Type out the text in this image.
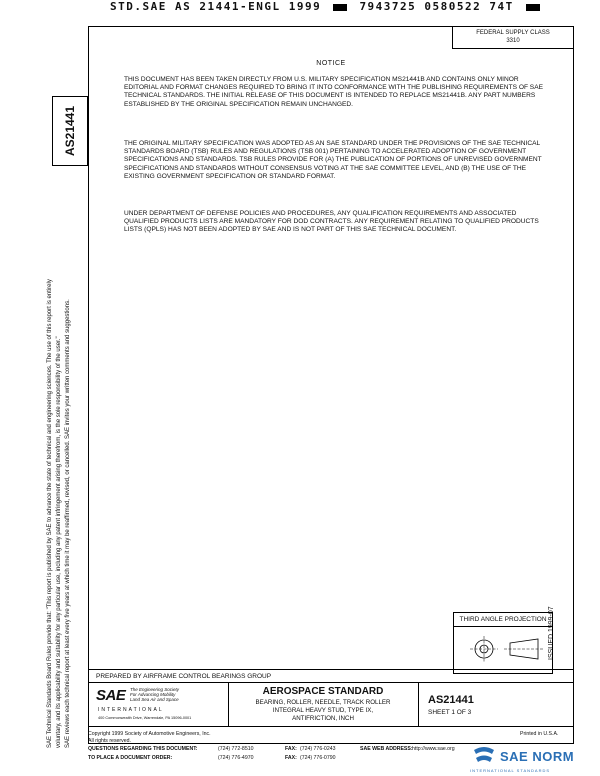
STD.SAE AS 21441-ENGL 1999	7943725 0580522 74T
FEDERAL SUPPLY CLASS
3310
AS21441
NOTICE
THIS DOCUMENT HAS BEEN TAKEN DIRECTLY FROM U.S. MILITARY SPECIFICATION MS21441B AND CONTAINS ONLY MINOR EDITORIAL AND FORMAT CHANGES REQUIRED TO BRING IT INTO CONFORMANCE WITH THE PUBLISHING REQUIREMENTS OF SAE TECHNICAL STANDARDS. THE INITIAL RELEASE OF THIS DOCUMENT IS INTENDED TO REPLACE MS21441B. ANY PART NUMBERS ESTABLISHED BY THE ORIGINAL SPECIFICATION REMAIN UNCHANGED.
THE ORIGINAL MILITARY SPECIFICATION WAS ADOPTED AS AN SAE STANDARD UNDER THE PROVISIONS OF THE SAE TECHNICAL STANDARDS BOARD (TSB) RULES AND REGULATIONS (TSB 001) PERTAINING TO ACCELERATED ADOPTION OF GOVERNMENT SPECIFICATIONS AND STANDARDS. TSB RULES PROVIDE FOR (A) THE PUBLICATION OF PORTIONS OF UNREVISED GOVERNMENT SPECIFICATIONS AND STANDARDS WITHOUT CONSENSUS VOTING AT THE SAE COMMITTEE LEVEL, AND (B) THE USE OF THE EXISTING GOVERNMENT SPECIFICATION OR STANDARD FORMAT.
UNDER DEPARTMENT OF DEFENSE POLICIES AND PROCEDURES, ANY QUALIFICATION REQUIREMENTS AND ASSOCIATED QUALIFIED PRODUCTS LISTS ARE MANDATORY FOR DOD CONTRACTS. ANY REQUIREMENT RELATING TO QUALIFIED PRODUCTS LISTS (QPLS) HAS NOT BEEN ADOPTED BY SAE AND IS NOT PART OF THIS SAE TECHNICAL DOCUMENT.
SAE Technical Standards Board Rules provide that: "This report is published by SAE to advance the state of technical and engineering sciences. The use of this report is entirely voluntary, and its applicability and suitability for any particular use, including any patent infringement arising therefrom, is the sole responsibility of the user." SAE reviews each technical report at least every five years at which time it may be reaffirmed, revised, or cancelled. SAE invites your written comments and suggestions.	ISSUED 1999-07
THIRD ANGLE PROJECTION
PREPARED BY AIRFRAME CONTROL BEARINGS GROUP
SAE The Engineering Society
For Advancing Mobility
Land Sea Air and Space
INTERNATIONAL
400 Commonwealth Drive, Warrendale, PA 15096-0001
AEROSPACE STANDARD
BEARING, ROLLER, NEEDLE, TRACK ROLLER
INTEGRAL HEAVY STUD, TYPE IX,
ANTIFRICTION, INCH
AS21441
SHEET 1 OF 3
Copyright 1999 Society of Automotive Engineers, Inc.
All rights reserved.
Printed in U.S.A.
QUESTIONS REGARDING THIS DOCUMENT:	(724) 772-8510
TO PLACE A DOCUMENT ORDER:	(724) 776-4970
FAX: (724) 776-0243
FAX: (724) 776-0790
SAE WEB ADDRESS: http://www.sae.org	SAE NORM
INTERNATIONAL STANDARDS
